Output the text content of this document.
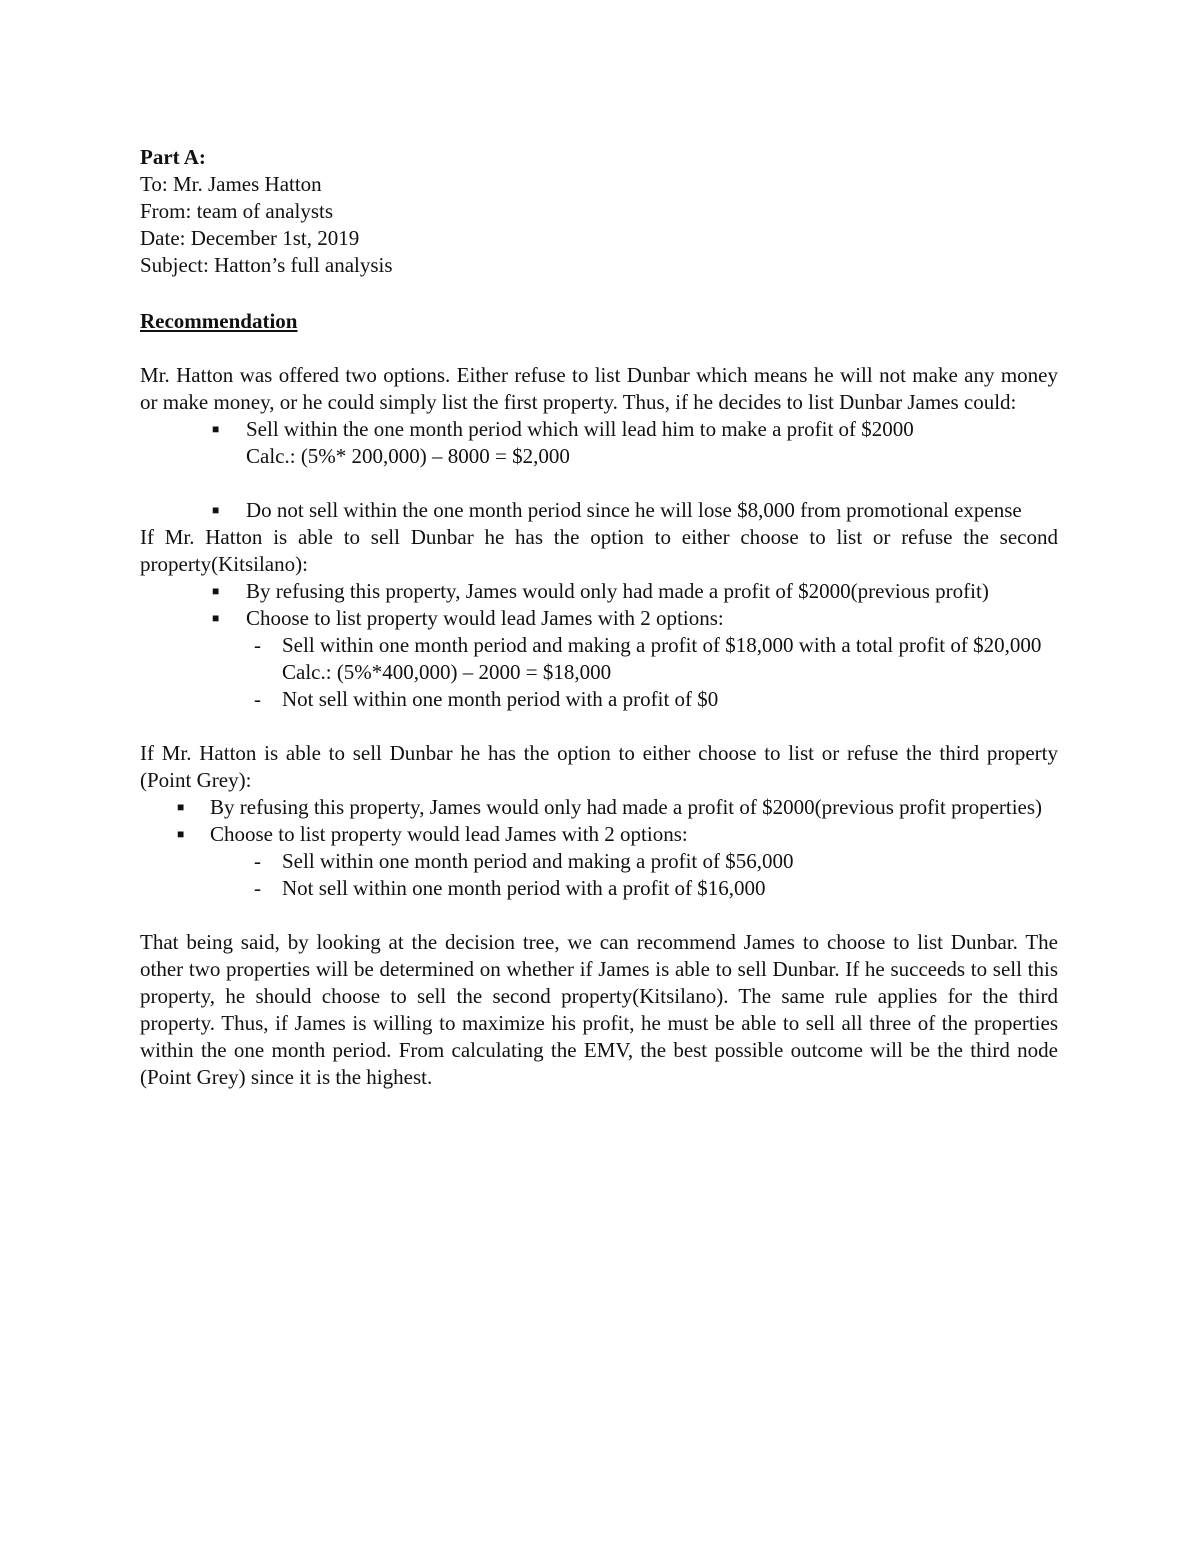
Part A:
To: Mr. James Hatton
From: team of analysts
Date: December 1st, 2019
Subject: Hatton’s full analysis
Recommendation

Mr. Hatton was offered two options. Either refuse to list Dunbar which means he will not make any money or make money, or he could simply list the first property. Thus, if he decides to list Dunbar James could:

■ Sell within the one month period which will lead him to make a profit of $2000
Calc.: (5%* 200,000) – 8000 = $2,000
■ Do not sell within the one month period since he will lose $8,000 from promotional expense

If Mr. Hatton is able to sell Dunbar he has the option to either choose to list or refuse the second property(Kitsilano):

■ By refusing this property, James would only had made a profit of $2000(previous profit)
■ Choose to list property would lead James with 2 options:
- Sell within one month period and making a profit of $18,000 with a total profit of $20,000
Calc.: (5%*400,000) – 2000 = $18,000
- Not sell within one month period with a profit of $0

If Mr. Hatton is able to sell Dunbar he has the option to either choose to list or refuse the third property (Point Grey):

■ By refusing this property, James would only had made a profit of $2000(previous profit properties)
■ Choose to list property would lead James with 2 options:
- Sell within one month period and making a profit of $56,000
- Not sell within one month period with a profit of $16,000

That being said, by looking at the decision tree, we can recommend James to choose to list Dunbar. The other two properties will be determined on whether if James is able to sell Dunbar. If he succeeds to sell this property, he should choose to sell the second property(Kitsilano). The same rule applies for the third property. Thus, if James is willing to maximize his profit, he must be able to sell all three of the properties within the one month period. From calculating the EMV, the best possible outcome will be the third node (Point Grey) since it is the highest.
